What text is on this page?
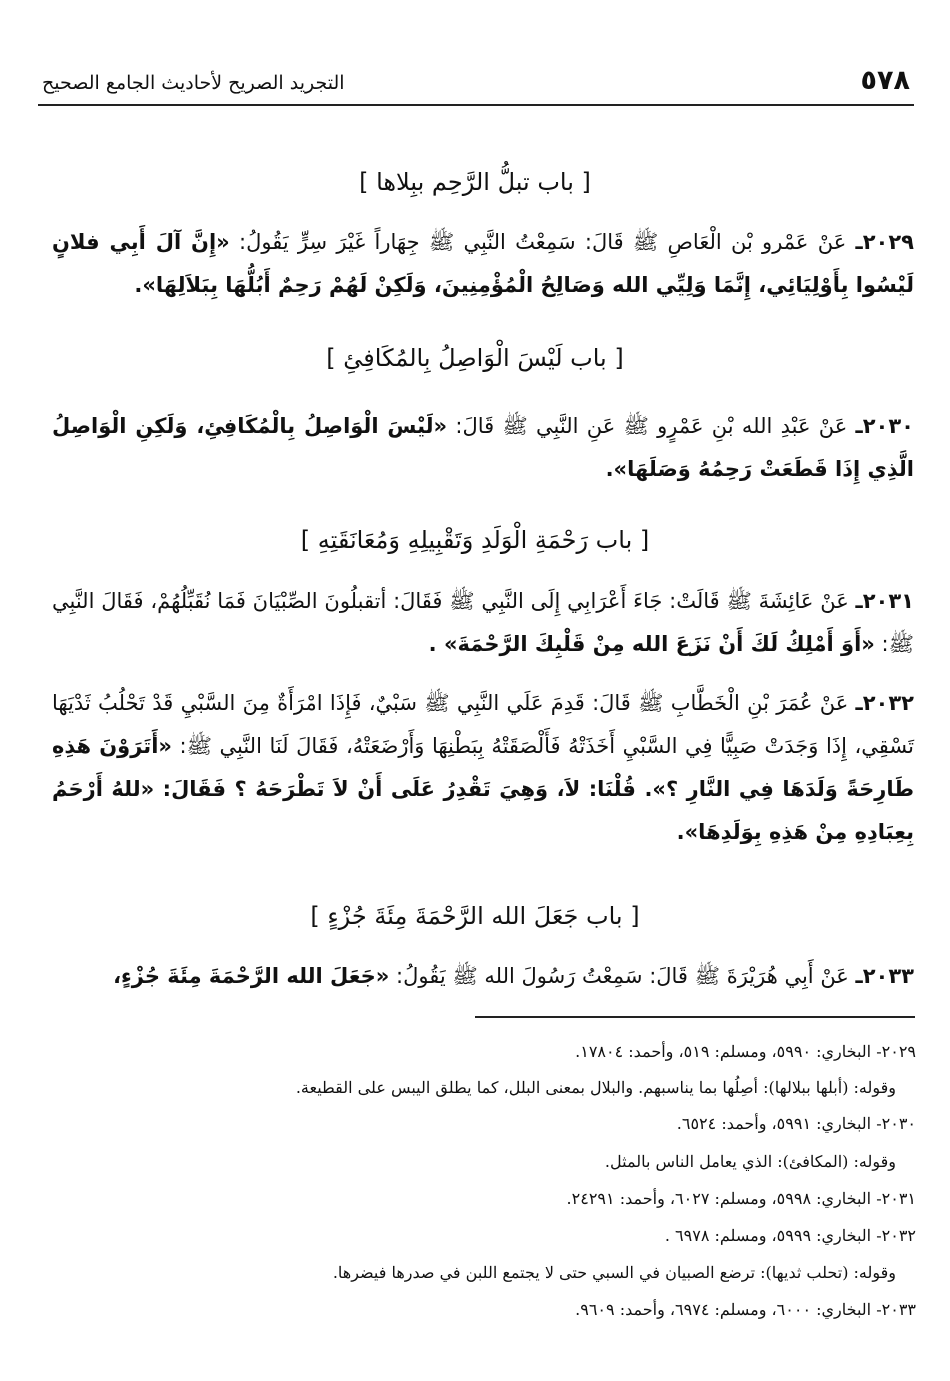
٥٧٨
التجريد الصريح لأحاديث الجامع الصحيح
[ باب تبلُّ الرَّحِم ببِلاها ]
٢٠٢٩ـ عَنْ عَمْرو بْن الْعَاصِ ﷺ قَالَ: سَمِعْتُ النَّبِي ﷺ جِهَاراً غَيْرَ سِرٍّ يَقُولُ: «إِنَّ آلَ أَبِي فلانٍ لَيْسُوا بِأَوْلِيَائِي، إِنَّمَا وَلِيِّي الله وَصَالِحُ الْمُؤْمِنِينَ، وَلَكِنْ لَهُمْ رَحِمٌ أَبُلُّهَا بِبَلاَلِهَا».
[ باب لَيْسَ الْوَاصِلُ بِالمُكَافِئِ ]
٢٠٣٠ـ عَنْ عَبْدِ الله بْنِ عَمْرٍو ﷺ عَنِ النَّبِي ﷺ قَالَ: «لَيْسَ الْوَاصِلُ بِالْمُكَافِئِ، وَلَكِنِ الْوَاصِلُ الَّذِي إِذَا قَطَعَتْ رَحِمُهُ وَصَلَهَا».
[ باب رَحْمَةِ الْوَلَدِ وَتَقْبِيلِهِ وَمُعَانَقَتِهِ ]
٢٠٣١ـ عَنْ عَائِشَةَ ﷺ قَالَتْ: جَاءَ أَعْرَابِي إِلَى النَّبِي ﷺ فَقَالَ: أتقبلُونَ الصِّبْيَانَ فَمَا نُقَبِّلُهُمْ، فَقَالَ النَّبِي ﷺ: «أَوَ أَمْلِكُ لَكَ أَنْ نَزَعَ الله مِنْ قَلْبِكَ الرَّحْمَةَ» .
٢٠٣٢ـ عَنْ عُمَرَ بْنِ الْخَطَّابِ ﷺ قَالَ: قَدِمَ عَلَي النَّبِي ﷺ سَبْيٌ، فَإِذَا امْرَأَةٌ مِنَ السَّبْيِ قَدْ تَحْلُبُ ثَدْيَهَا تَسْقِي، إِذَا وَجَدَتْ صَبِيًّا فِي السَّبْيِ أَخَذَتْهُ فَأَلْصَقَتْهُ بِبَطْنِهَا وَأَرْضَعَتْهُ، فَقَالَ لَنَا النَّبِي ﷺ: «أَتَرَوْنَ هَذِهِ طَارِحَةً وَلَدَهَا فِي النَّارِ ؟». قُلْنَا: لاَ، وَهِيَ تَقْدِرُ عَلَى أَنْ لاَ تَطْرَحَهُ ؟ فَقَالَ: «للهُ أَرْحَمُ بِعِبَادِهِ مِنْ هَذِهِ بِوَلَدِهَا».
[ باب جَعَلَ الله الرَّحْمَةَ مِئَةَ جُزْءٍ ]
٢٠٣٣ـ عَنْ أَبِي هُرَيْرَةَ ﷺ قَالَ: سَمِعْتُ رَسُولَ الله ﷺ يَقُولُ: «جَعَلَ الله الرَّحْمَةَ مِئَةَ جُزْءٍ،
٢٠٢٩- البخاري: ٥٩٩٠، ومسلم: ٥١٩، وأحمد: ١٧٨٠٤.
وقوله: (أبلها ببلالها): أصِلُها بما يناسبهم. والبلال بمعنى البلل، كما يطلق اليبس على القطيعة.
٢٠٣٠- البخاري: ٥٩٩١، وأحمد: ٦٥٢٤.
وقوله: (المكافئ): الذي يعامل الناس بالمثل.
٢٠٣١- البخاري: ٥٩٩٨، ومسلم: ٦٠٢٧، وأحمد: ٢٤٢٩١.
٢٠٣٢- البخاري: ٥٩٩٩، ومسلم: ٦٩٧٨ .
وقوله: (تحلب ثديها): ترضع الصبيان في السبي حتى لا يجتمع اللبن في صدرها فيضرها.
٢٠٣٣- البخاري: ٦٠٠٠، ومسلم: ٦٩٧٤، وأحمد: ٩٦٠٩.
